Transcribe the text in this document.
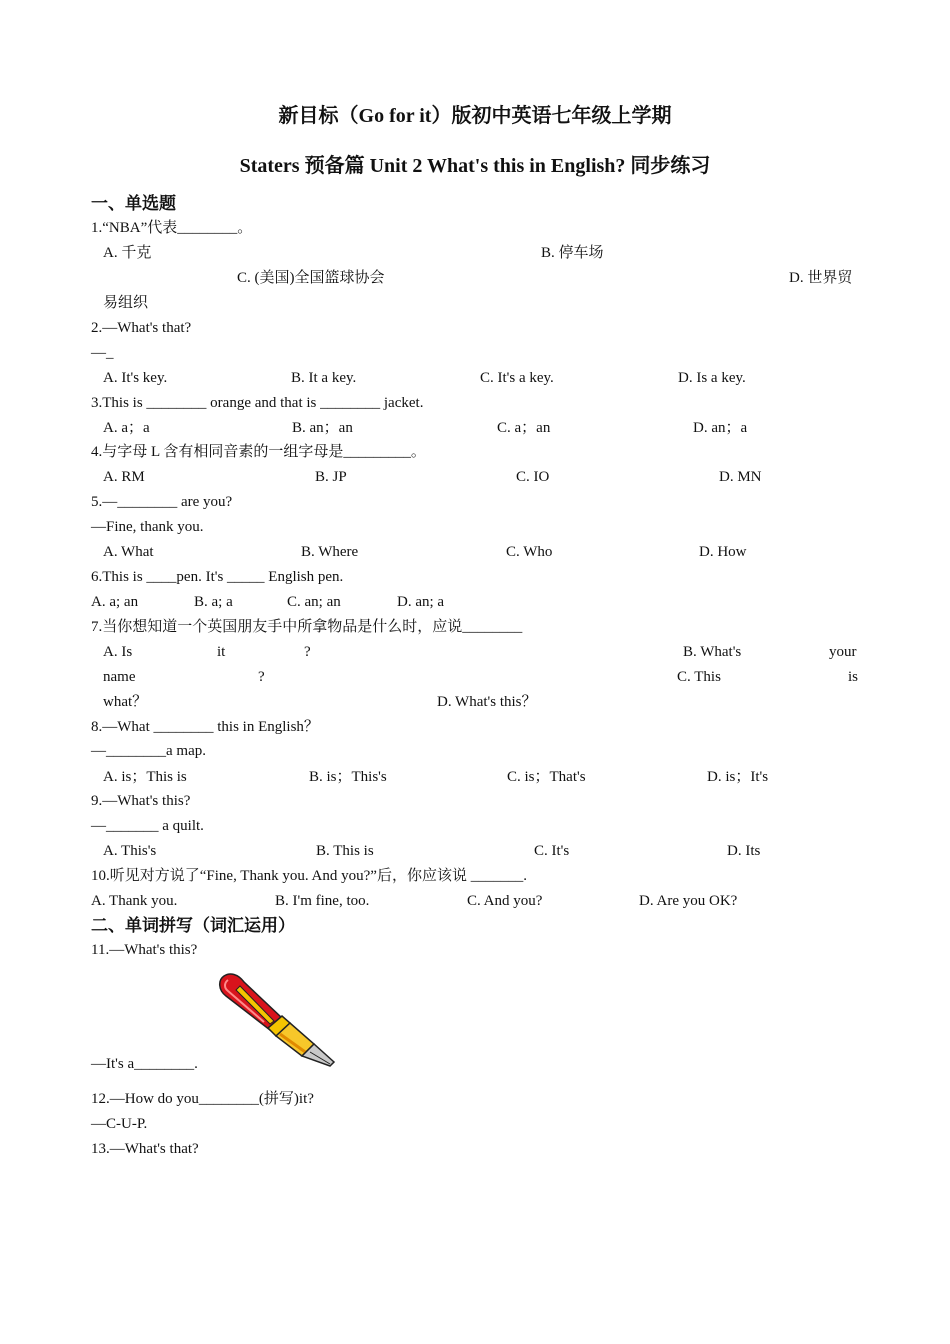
新目标（Go for it）版初中英语七年级上学期
Staters 预备篇 Unit 2 What's this in English? 同步练习
一、单选题
1.“NBA”代表________。
A. 千克	B. 停车场
C. (美国)全国篮球协会	D. 世界贸
易组织
2.—What's that?
—_
A. It's key.	B. It a key.	C. It's a key.	D. Is a key.
3.This is ________ orange and that is ________ jacket.
A. a；a	B. an；an	C. a；an	D. an；a
4.与字母 L 含有相同音素的一组字母是_________。
A. RM	B. JP	C. IO	D. MN
5.—________ are you?
—Fine, thank you.
A. What	B. Where	C. Who	D. How
6.This is ____pen. It's _____ English pen.
A. a; an	B. a; a	C. an; an	D. an; a
7.当你想知道一个英国朋友手中所拿物品是什么时，应说________
A. Is	it	?	B. What's	your
name	?	C. This	is
what？	D. What's this？
8.—What ________ this in English？
—________a map.
A. is；This is	B. is；This's	C. is；That's	D. is；It's
9.—What's this?
—_______ a quilt.
A. This's	B. This is	C. It's	D. Its
10.听见对方说了“Fine, Thank you. And you?”后，你应该说 _______.
A. Thank you.	B. I'm fine, too.	C. And you?	D. Are you OK?
二、单词拼写（词汇运用）
11.—What's this?
—It's a________.
12.—How do you________(拼写)it?
—C-U-P.
13.—What's that?
